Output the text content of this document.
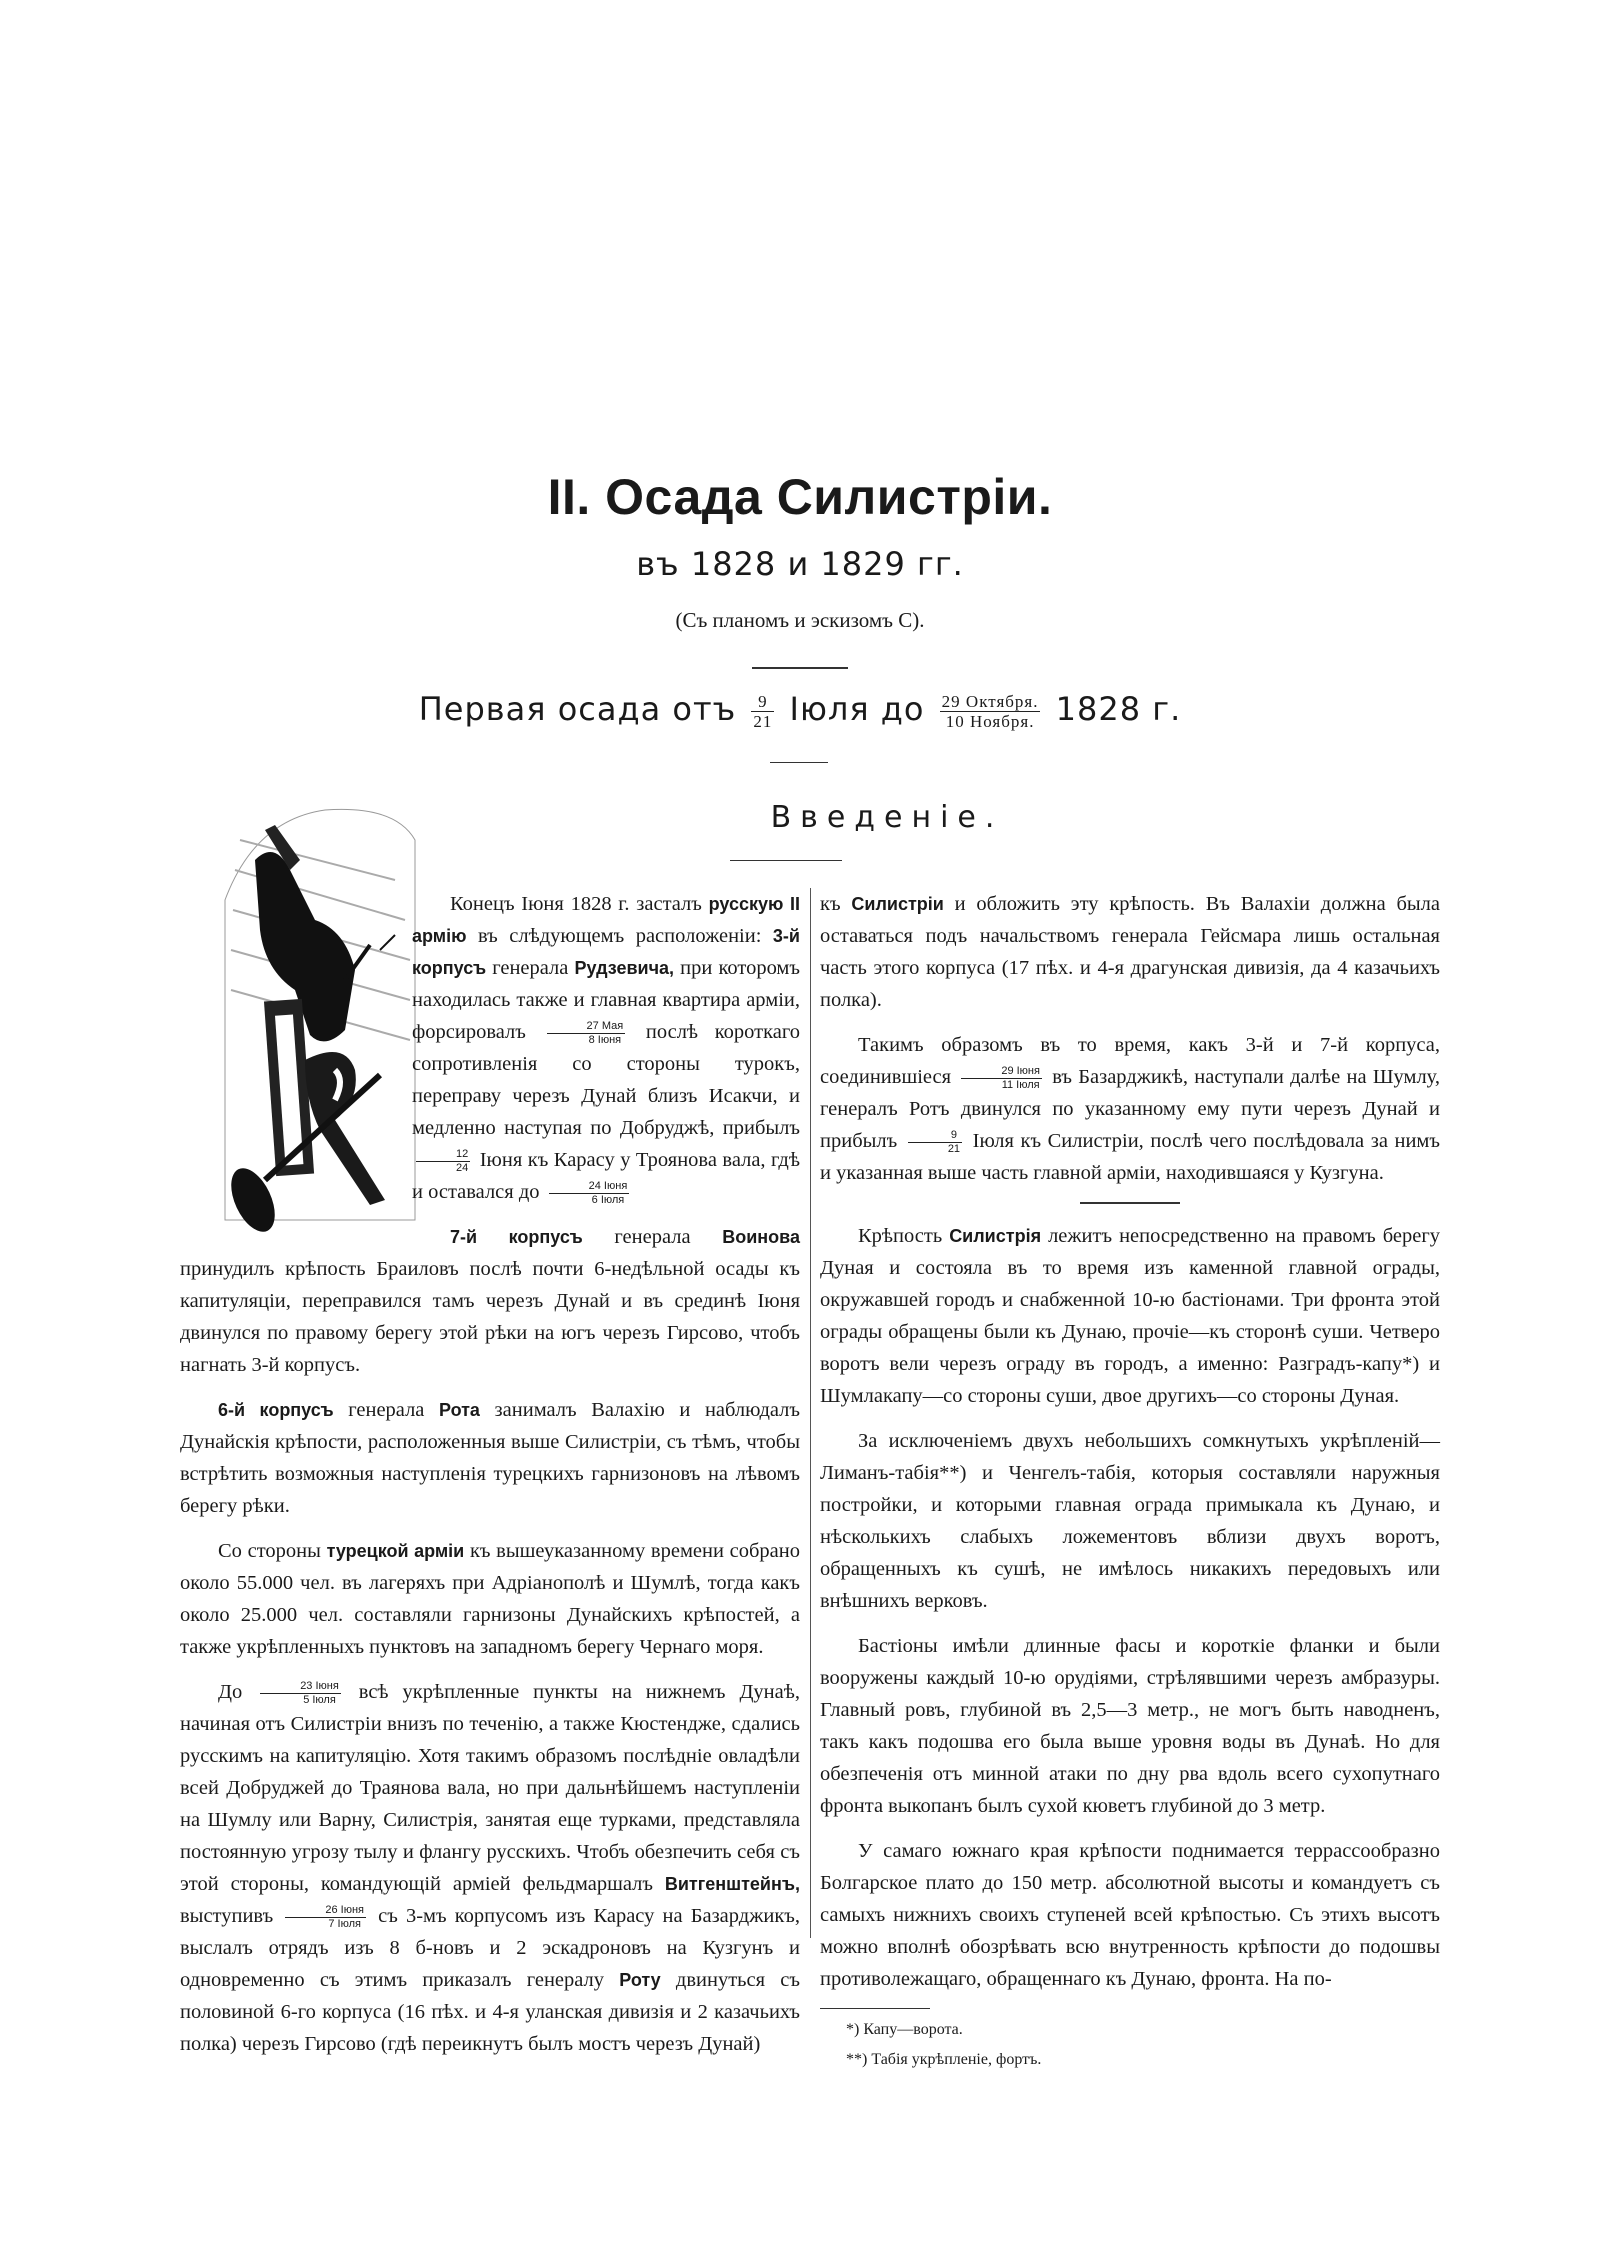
II. Осада Силистріи.
въ 1828 и 1829 гг.
(Съ планомъ и эскизомъ С).
Первая осада отъ $\frac{9}{21}$ Іюля до $\frac{\text{29 Октября.}}{\text{10 Ноября.}} 1828$ г.
Введеніе.

Конецъ Іюня 1828 г. засталъ русскую II армію въ слѣдующемъ расположеніи: 3-й корпусъ генерала Рудзевича, при которомъ находилась также и главная квартира арміи, форсировалъ $\frac{\text{27 Мая}}{\text{8 Іюня}}$ послѣ короткаго сопротивленія со стороны турокъ, переправу черезъ Дунай близъ Исакчи, и медленно наступая по Добруджѣ, прибылъ
$\frac{12}{24}$ Іюня къ Карасу у Троянова вала, гдѣ и оставался до $\frac{\text{24 Іюня}}{\text{6 Іюля}}$

7-й корпусъ генерала Воинова принудилъ крѣпость Браиловъ послѣ почти 6-недѣльной осады къ капитуляціи, переправился тамъ черезъ Дунай и въ срединѣ Іюня двинулся по правому берегу этой рѣки на югъ черезъ Гирсово, чтобъ нагнать 3-й корпусъ.

6-й корпусъ генерала Рота занималъ Валахію и наблюдалъ Дунайскія крѣпости, расположенныя выше Силистріи, съ тѣмъ, чтобы встрѣтить возможныя наступленія турецкихъ гарнизоновъ на лѣвомъ берегу рѣки.

Со стороны турецкой арміи къ вышеуказанному времени собрано около 55.000 чел. въ лагеряхъ при Адріанополѣ и Шумлѣ, тогда какъ около 25.000 чел. составляли гарнизоны Дунайскихъ крѣпостей, а также укрѣпленныхъ пунктовъ на западномъ берегу Чернаго моря.

До $\frac{\text{23 Іюня}}{\text{5 Іюля}}$ всѣ укрѣпленные пункты на нижнемъ Дунаѣ, начиная отъ Силистріи внизъ по теченію, а также Кюстендже, сдались русскимъ на капитуляцію. Хотя такимъ образомъ послѣдніе овладѣли всей Добруджей до Траянова вала, но при дальнѣйшемъ наступленіи на Шумлу или Варну, Силистрія, занятая еще турками, представляла постоянную угрозу тылу и флангу русскихъ. Чтобъ обезпечить себя съ этой стороны, командующій арміей фельдмаршалъ Витгенштейнъ, выступивъ $\frac{\text{26 Іюня}}{\text{7 Іюля}}$ съ 3-мъ корпусомъ изъ Карасу на Базарджикъ, выслалъ отрядъ изъ 8 б-новъ и 2 эскадроновъ на Кузгунъ и одновременно съ этимъ приказалъ генералу Роту двинуться съ половиной 6-го корпуса (16 пѣх. и 4-я уланская дивизія и 2 казачьихъ полка) черезъ Гирсово (гдѣ переикнутъ былъ мостъ черезъ Дунай)

къ Силистріи и обложить эту крѣпость. Въ Валахіи должна была оставаться подъ начальствомъ генерала Гейсмара лишь остальная часть этого корпуса (17 пѣх. и 4-я драгунская дивизія, да 4 казачьихъ полка).

Такимъ образомъ въ то время, какъ 3-й и 7-й корпуса, соединившіеся $\frac{\text{29 Іюня}}{\text{11 Іюля}}$ въ Базарджикѣ, наступали далѣе на Шумлу, генералъ Ротъ двинулся по указанному ему пути черезъ Дунай и прибылъ $\frac{9}{21}$ Іюля къ Силистріи, послѣ чего послѣдовала за нимъ и указанная выше часть главной арміи, находившаяся у Кузгуна.

Крѣпость Силистрія лежитъ непосредственно на правомъ берегу Дуная и состояла въ то время изъ каменной главной ограды, окружавшей городъ и снабженной 10-ю бастіонами. Три фронта этой ограды обращены были къ Дунаю, прочіе—къ сторонѣ суши. Четверо воротъ вели черезъ ограду въ городъ, а именно: Разградъ-капу*) и Шумлакапу—со стороны суши, двое другихъ—со стороны Дуная.

За исключеніемъ двухъ небольшихъ сомкнутыхъ укрѣпленій—Лиманъ-табія**) и Ченгелъ-табія, которыя составляли наружныя постройки, и которыми главная ограда примыкала къ Дунаю, и нѣсколькихъ слабыхъ ложементовъ вблизи двухъ воротъ, обращенныхъ къ сушѣ, не имѣлось никакихъ передовыхъ или внѣшнихъ верковъ.

Бастіоны имѣли длинные фасы и короткіе фланки и были вооружены каждый 10-ю орудіями, стрѣлявшими черезъ амбразуры. Главный ровъ, глубиной въ 2,5—3 метр., не могъ быть наводненъ, такъ какъ подошва его была выше уровня воды въ Дунаѣ. Но для обезпеченія отъ минной атаки по дну рва вдоль всего сухопутнаго фронта выкопанъ былъ сухой кюветъ глубиной до 3 метр.

У самаго южнаго края крѣпости поднимается террассообразно Болгарское плато до 150 метр. абсолютной высоты и командуетъ съ самыхъ нижнихъ своихъ ступеней всей крѣпостью. Съ этихъ высотъ можно вполнѣ обозрѣвать всю внутренность крѣпости до подошвы противолежащаго, обращеннаго къ Дунаю, фронта. На по-

*) Капу—ворота.

**) Табія укрѣпленіе, фортъ.
